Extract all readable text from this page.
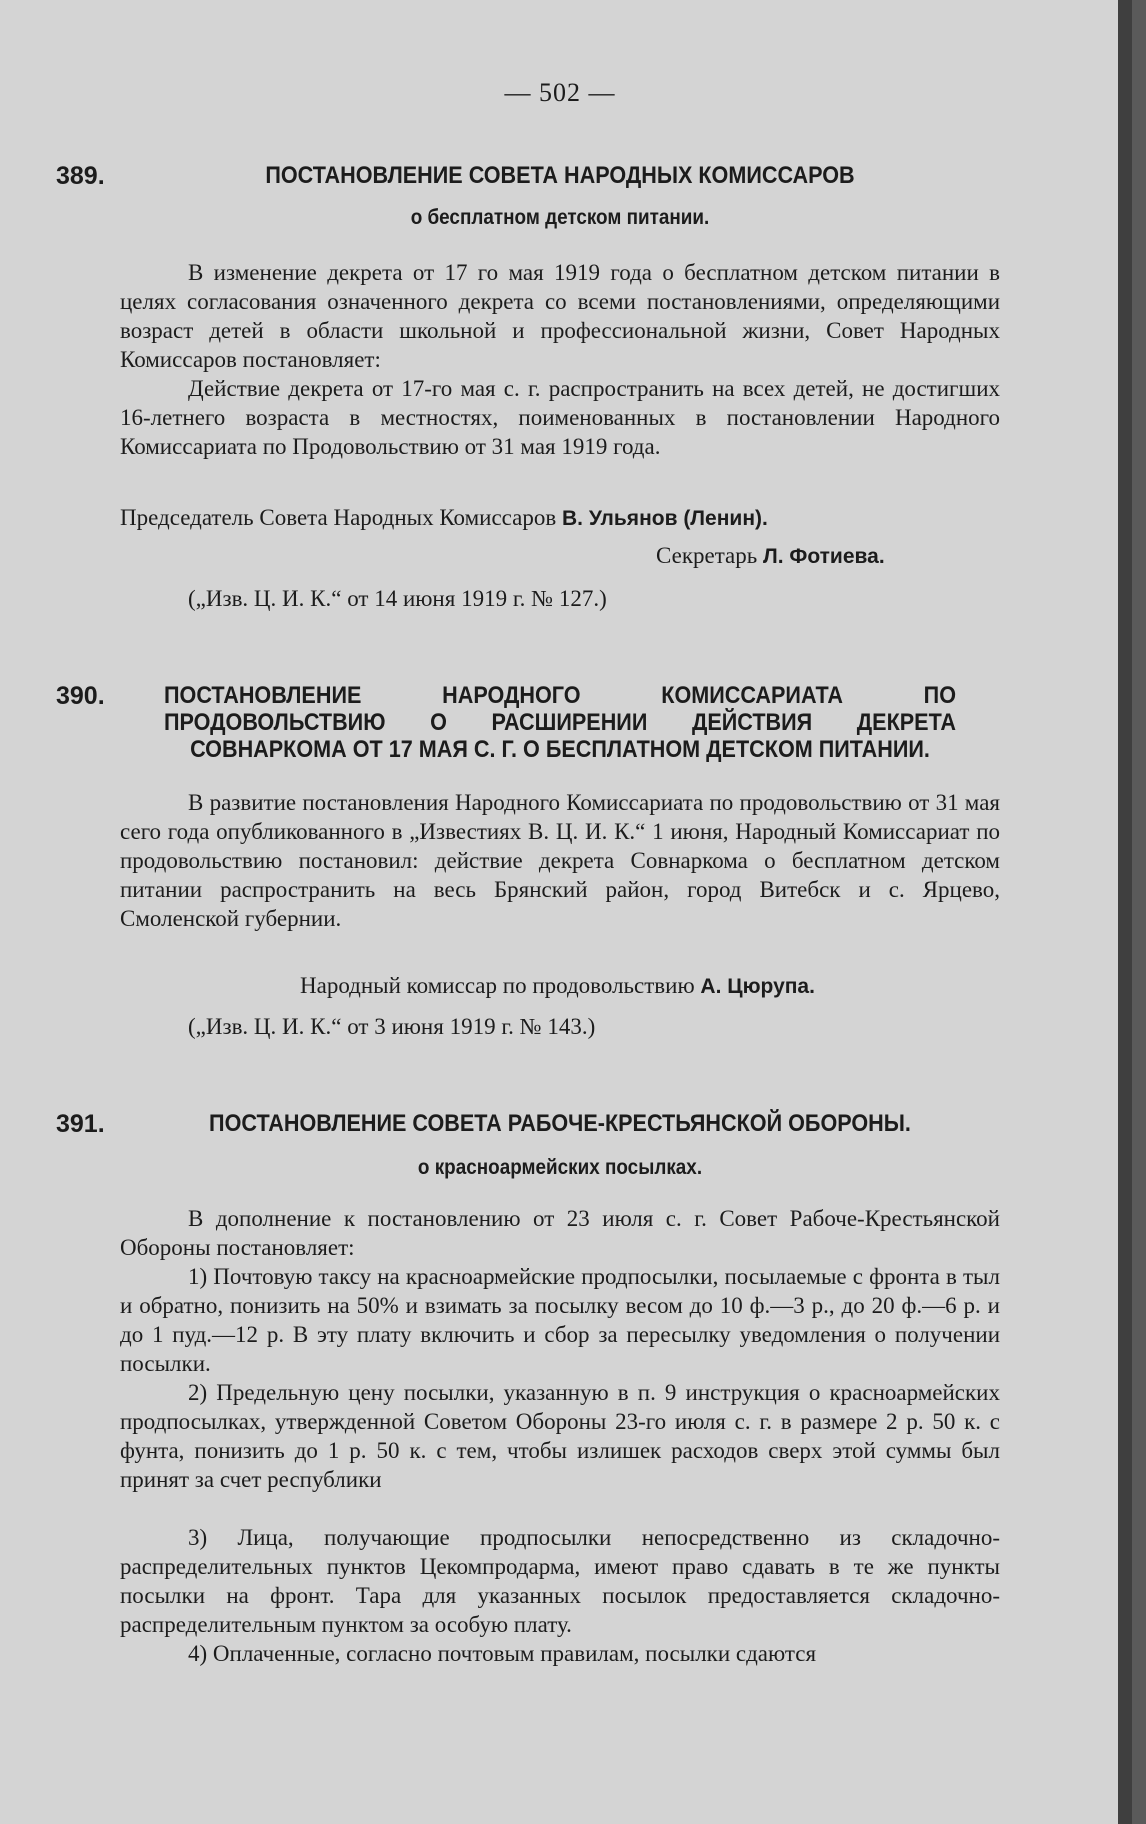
— 502 —
389.	ПОСТАНОВЛЕНИЕ СОВЕТА НАРОДНЫХ КОМИССАРОВ
о бесплатном детском питании.

В изменение декрета от 17 го мая 1919 года о бесплатном детском питании в целях согласования означенного декрета со всеми постановлениями, определяющими возраст детей в области школьной и профессиональной жизни, Совет Народных Комиссаров постановляет:

Действие декрета от 17-го мая с. г. распространить на всех детей, не достигших 16-летнего возраста в местностях, поименованных в постановлении Народного Комиссариата по Продовольствию от 31 мая 1919 года.

Председатель Совета Народных Комиссаров В. Ульянов (Ленин).
Секретарь Л. Фотиева.
(„Изв. Ц. И. К.“ от 14 июня 1919 г. № 127.)
390. ПОСТАНОВЛЕНИЕ НАРОДНОГО КОМИССАРИАТА ПО ПРОДОВОЛЬСТВИЮ О РАСШИРЕНИИ ДЕЙСТВИЯ ДЕКРЕТА СОВНАРКОМА ОТ 17 МАЯ С. Г. О БЕСПЛАТНОМ ДЕТСКОМ ПИТАНИИ.

В развитие постановления Народного Комиссариата по продовольствию от 31 мая сего года опубликованного в „Известиях В. Ц. И. К.“ 1 июня, Народный Комиссариат по продовольствию постановил: действие декрета Совнаркома о бесплатном детском питании распространить на весь Брянский район, город Витебск и с. Ярцево, Смоленской губернии.

Народный комиссар по продовольствию А. Цюрупа.
(„Изв. Ц. И. К.“ от 3 июня 1919 г. № 143.)
391.	ПОСТАНОВЛЕНИЕ СОВЕТА РАБОЧЕ-КРЕСТЬЯНСКОЙ ОБОРОНЫ.
о красноармейских посылках.

В дополнение к постановлению от 23 июля с. г. Совет Рабоче-Крестьянской Обороны постановляет:

1) Почтовую таксу на красноармейские продпосылки, посылаемые с фронта в тыл и обратно, понизить на 50% и взимать за посылку весом до 10 ф.—3 р., до 20 ф.—6 р. и до 1 пуд.—12 р. В эту плату включить и сбор за пересылку уведомления о получении посылки.

2) Предельную цену посылки, указанную в п. 9 инструкция о красноармейских продпосылках, утвержденной Советом Обороны 23-го июля с. г. в размере 2 р. 50 к. с фунта, понизить до 1 р. 50 к. с тем, чтобы излишек расходов сверх этой суммы был принят за счет республики

3) Лица, получающие продпосылки непосредственно из складочно-распределительных пунктов Цекомпродарма, имеют право сдавать в те же пункты посылки на фронт. Тара для указанных посылок предоставляется складочно-распределительным пунктом за особую плату.

4) Оплаченные, согласно почтовым правилам, посылки сдаются
